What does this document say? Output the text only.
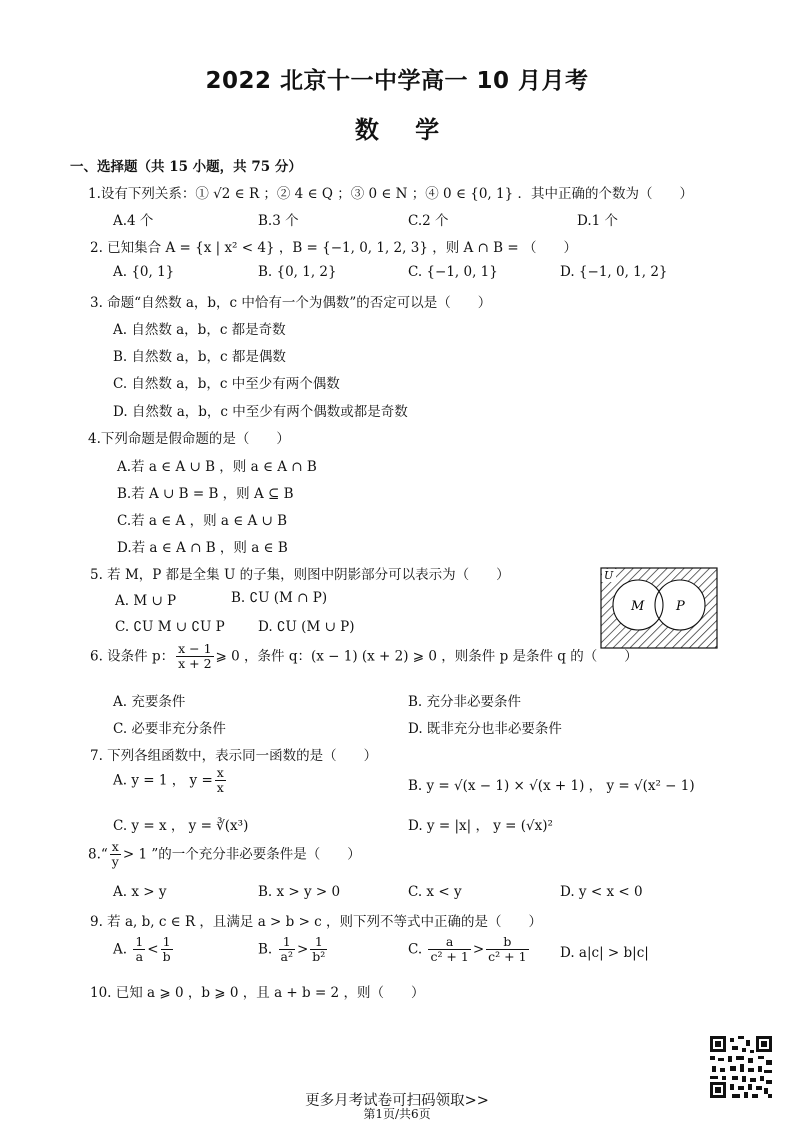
2022 北京十一中学高一 10 月月考
数 学
一、选择题（共 15 小题，共 75 分）
1.设有下列关系：① √2 ∈ R ；② 4 ∈ Q ；③ 0 ∈ N ；④ 0 ∈ {0, 1} ．其中正确的个数为（　　）
A.4 个	B.3 个	C.2 个	D.1 个
2. 已知集合 A = {x | x² < 4} ，B = {−1, 0, 1, 2, 3} ，则 A ∩ B = （　　）
A. {0, 1}	B. {0, 1, 2}	C. {−1, 0, 1}	D. {−1, 0, 1, 2}
3. 命题“自然数 a，b，c 中恰有一个为偶数”的否定可以是（　　）
A. 自然数 a，b，c 都是奇数
B. 自然数 a，b，c 都是偶数
C. 自然数 a，b，c 中至少有两个偶数
D. 自然数 a，b，c 中至少有两个偶数或都是奇数
4.下列命题是假命题的是（　　）
A.若 a ∈ A ∪ B ，则 a ∈ A ∩ B
B.若 A ∪ B = B ，则 A ⊆ B
C.若 a ∈ A ，则 a ∈ A ∪ B
D.若 a ∈ A ∩ B ，则 a ∈ B
5. 若 M，P 都是全集 U 的子集，则图中阴影部分可以表示为（　　）
A. M ∪ P	B. ∁U (M ∩ P)
C. ∁U M ∪ ∁U P D. ∁U (M ∪ P)
U
M P
6. 设条件 p： $\frac{x - 1}{x + 2}$ ⩾ 0 ，条件 q：(x − 1) (x + 2) ⩾ 0 ，则条件 p 是条件 q 的（　　）
A. 充要条件	B. 充分非必要条件
C. 必要非充分条件	D. 既非充分也非必要条件
7. 下列各组函数中，表示同一函数的是（　　）
A. y = 1 ， $y = \frac{x}{x}$	B. y = √(x − 1) × √(x + 1) ， y = √(x² − 1)
C. y = x ， y = ∛(x³)	D. y = |x| ， y = (√x)²
8.“ $\frac{x}{y} > 1$ ”的一个充分非必要条件是（　　）
A. x > y	B. x > y > 0	C. x < y	D. y < x < 0
9. 若 a, b, c ∈ R ，且满足 a > b > c ，则下列不等式中正确的是（　　）
A. $\frac{1}{a} < \frac{1}{b}$	B. $\frac{1}{\text{a²}} > \frac{1}{\text{b²}}$	C. $\frac{a}{\text{c² + 1}} > \frac{b}{\text{c² + 1}} D$. a|c| > b|c|
10. 已知 a ⩾ 0 ，b ⩾ 0 ，且 a + b = 2 ，则（　　）
更多月考试卷可扫码领取>>
第1页/共6页
